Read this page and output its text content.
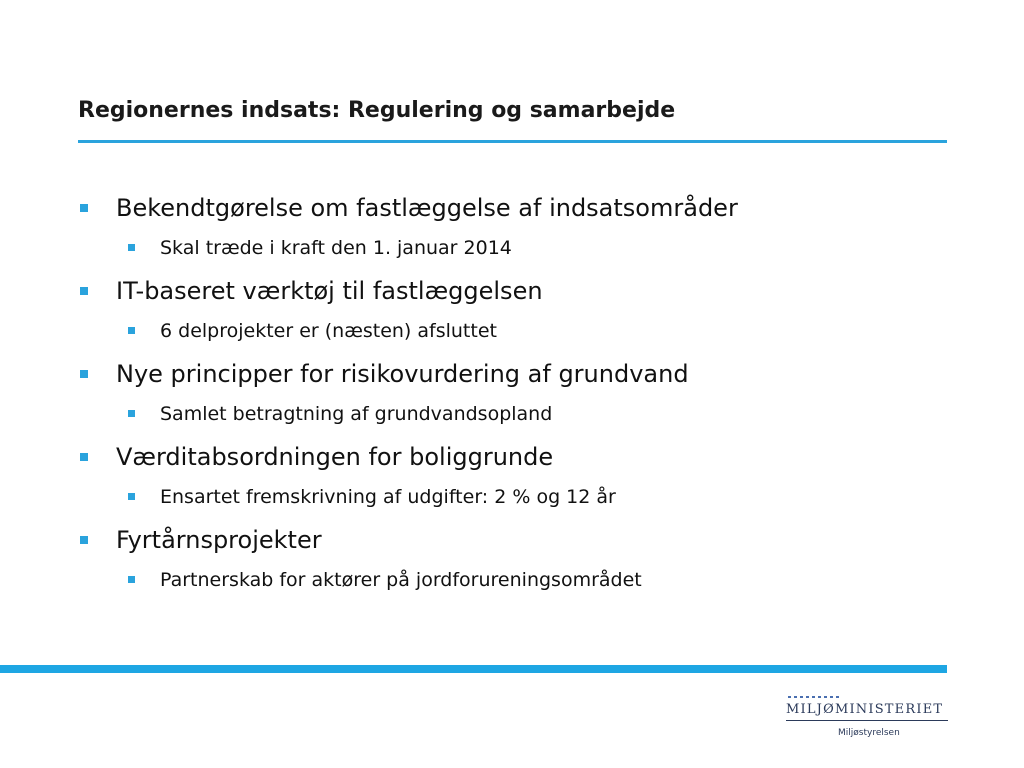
Regionernes indsats: Regulering og samarbejde
Bekendtgørelse om fastlæggelse af indsatsområder
Skal træde i kraft den 1. januar 2014
IT-baseret værktøj til fastlæggelsen
6 delprojekter er (næsten) afsluttet
Nye principper for risikovurdering af grundvand
Samlet betragtning af grundvandsopland
Værditabsordningen for boliggrunde
Ensartet fremskrivning af udgifter: 2 % og 12 år
Fyrtårnsprojekter
Partnerskab for aktører på jordforureningsområdet
MILJØMINISTERIET
Miljøstyrelsen
